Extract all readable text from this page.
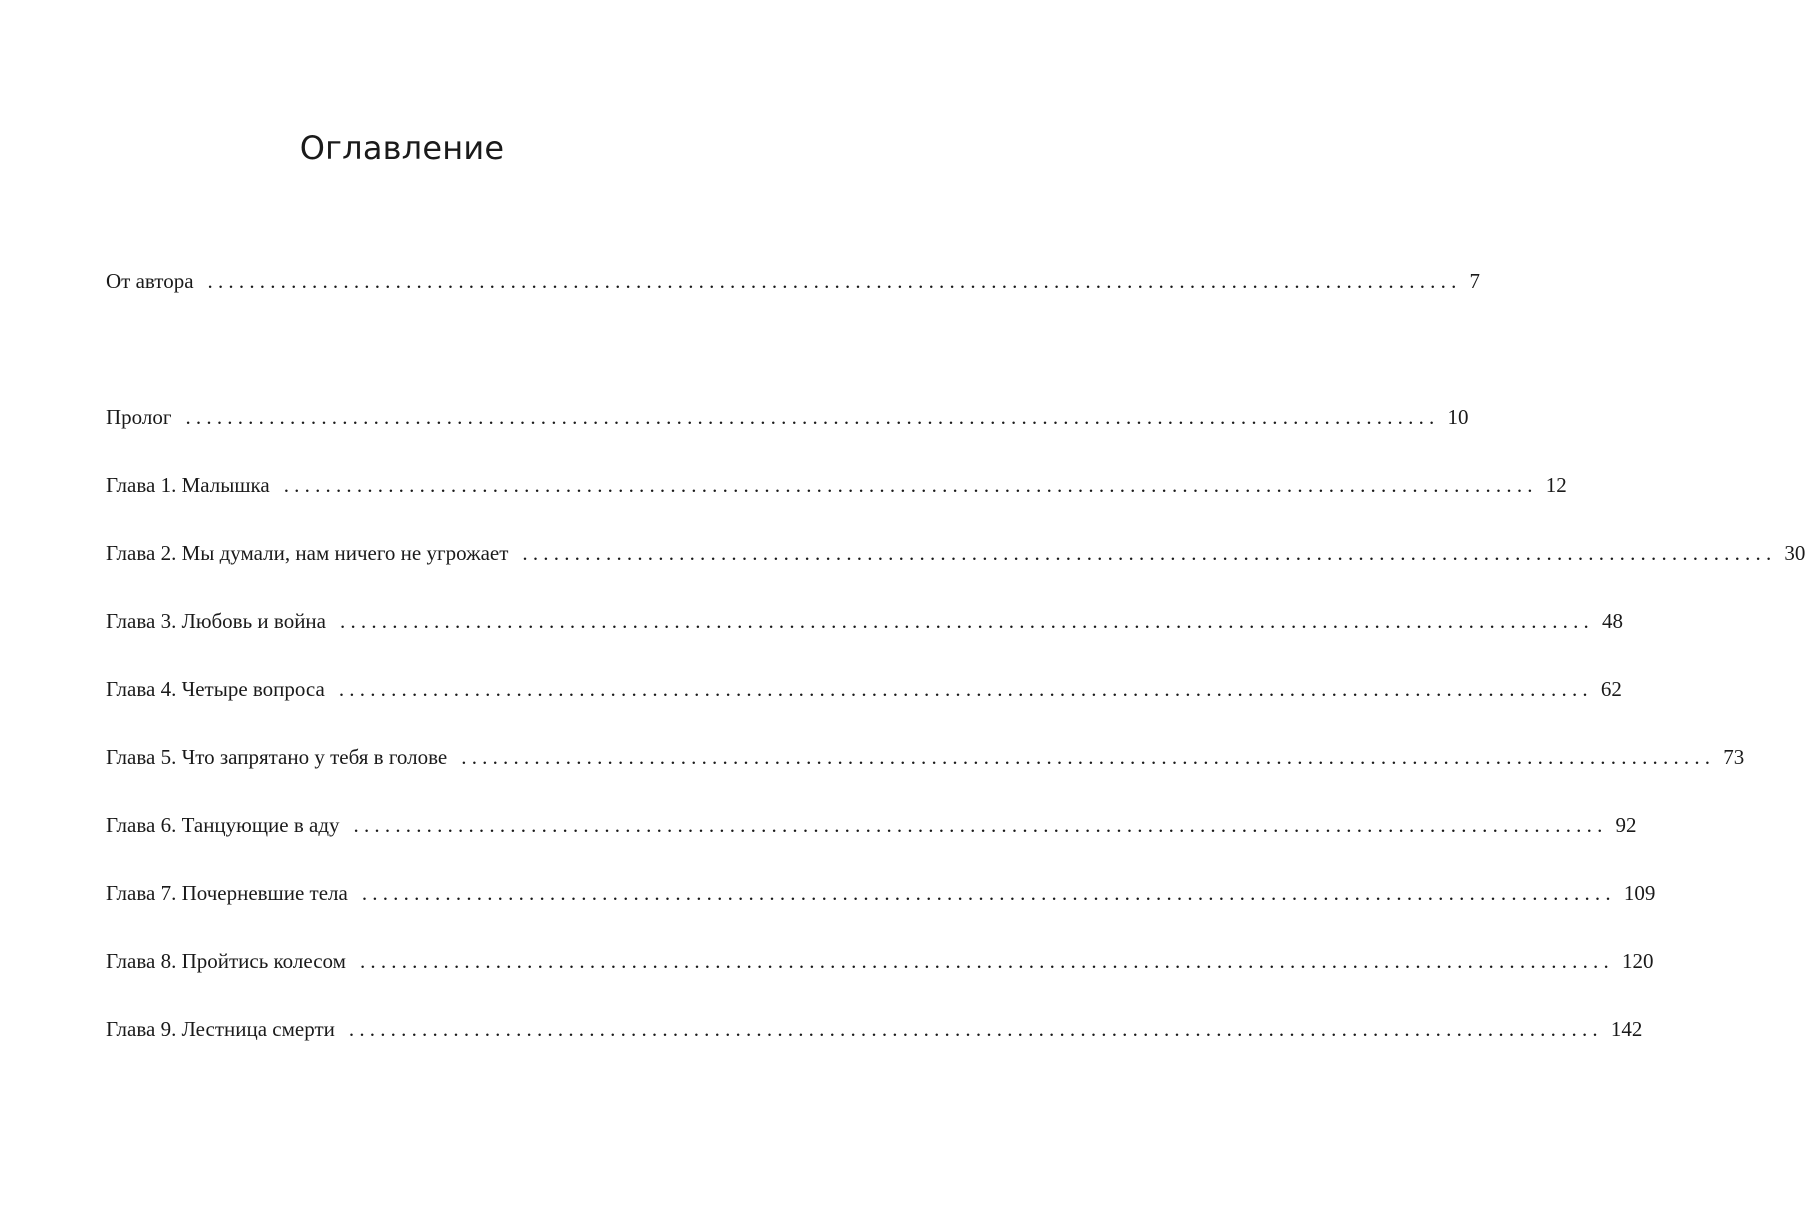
Оглавление
От автора ........................................................................................................................ 7
Пролог ........................................................................................................................ 10
Глава 1. Малышка ........................................................................................................................ 12
Глава 2. Мы думали, нам ничего не угрожает ........................................................................................................................ 30
Глава 3. Любовь и война ........................................................................................................................ 48
Глава 4. Четыре вопроса ........................................................................................................................ 62
Глава 5. Что запрятано у тебя в голове ........................................................................................................................ 73
Глава 6. Танцующие в аду ........................................................................................................................ 92
Глава 7. Почерневшие тела ........................................................................................................................ 109
Глава 8. Пройтись колесом ........................................................................................................................ 120
Глава 9. Лестница смерти ........................................................................................................................ 142
